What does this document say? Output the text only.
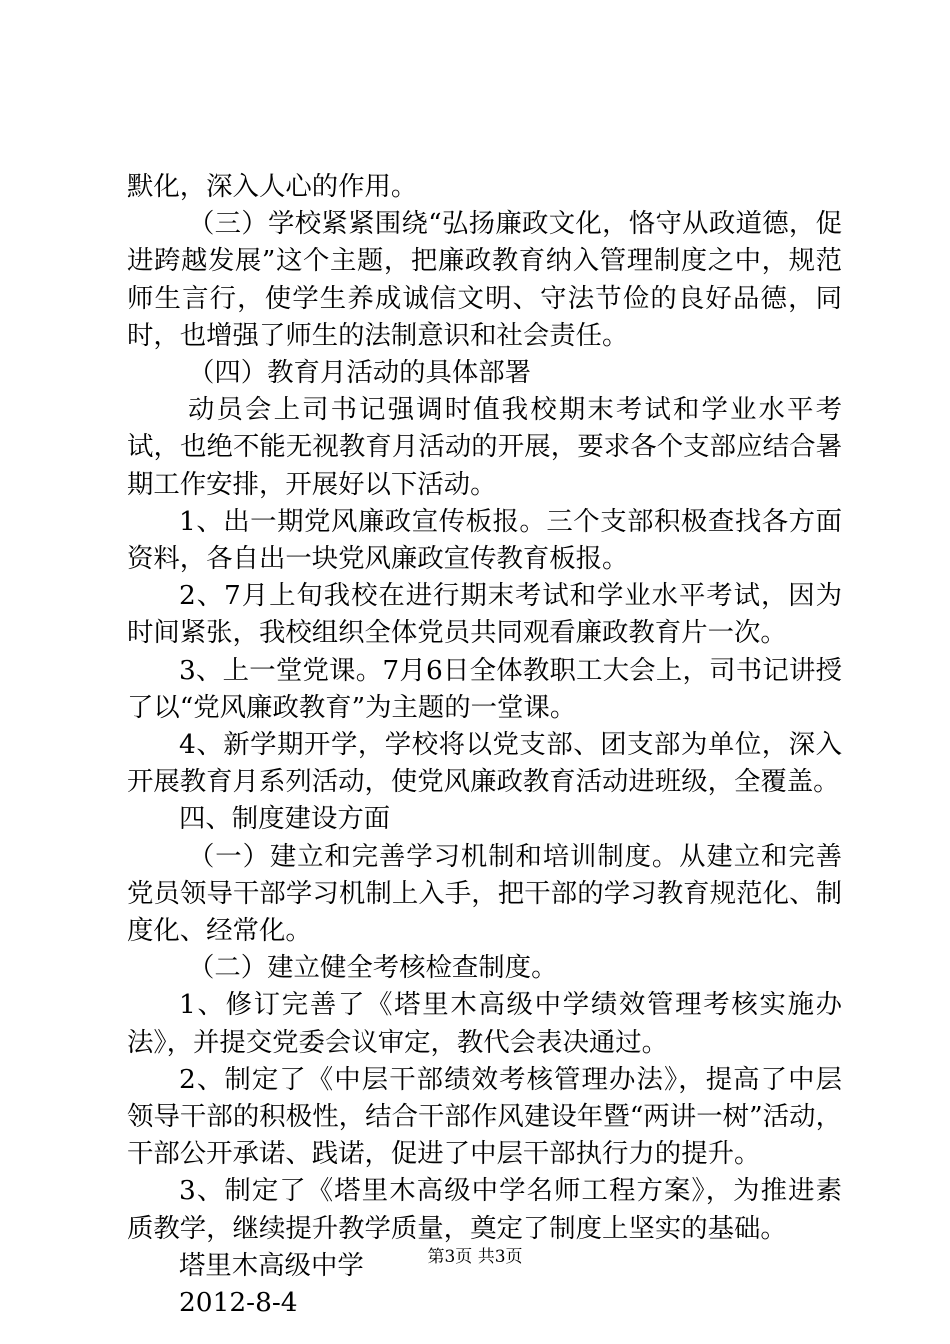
默化，深入人心的作用。

（三）学校紧紧围绕“弘扬廉政文化，恪守从政道德，促进跨越发展”这个主题，把廉政教育纳入管理制度之中，规范师生言行，使学生养成诚信文明、守法节俭的良好品德，同时，也增强了师生的法制意识和社会责任。

（四）教育月活动的具体部署

动员会上司书记强调时值我校期末考试和学业水平考试，也绝不能无视教育月活动的开展，要求各个支部应结合暑期工作安排，开展好以下活动。

1、出一期党风廉政宣传板报。三个支部积极查找各方面资料，各自出一块党风廉政宣传教育板报。

2、7月上旬我校在进行期末考试和学业水平考试，因为时间紧张，我校组织全体党员共同观看廉政教育片一次。

3、上一堂党课。7月6日全体教职工大会上，司书记讲授了以“党风廉政教育”为主题的一堂课。

4、新学期开学，学校将以党支部、团支部为单位，深入开展教育月系列活动，使党风廉政教育活动进班级，全覆盖。

四、制度建设方面

（一）建立和完善学习机制和培训制度。从建立和完善党员领导干部学习机制上入手，把干部的学习教育规范化、制度化、经常化。

（二）建立健全考核检查制度。

1、修订完善了《塔里木高级中学绩效管理考核实施办法》，并提交党委会议审定，教代会表决通过。

2、制定了《中层干部绩效考核管理办法》，提高了中层领导干部的积极性，结合干部作风建设年暨“两讲一树”活动，干部公开承诺、践诺，促进了中层干部执行力的提升。

3、制定了《塔里木高级中学名师工程方案》，为推进素质教学，继续提升教学质量，奠定了制度上坚实的基础。

塔里木高级中学

2012-8-4

第3页 共3页
